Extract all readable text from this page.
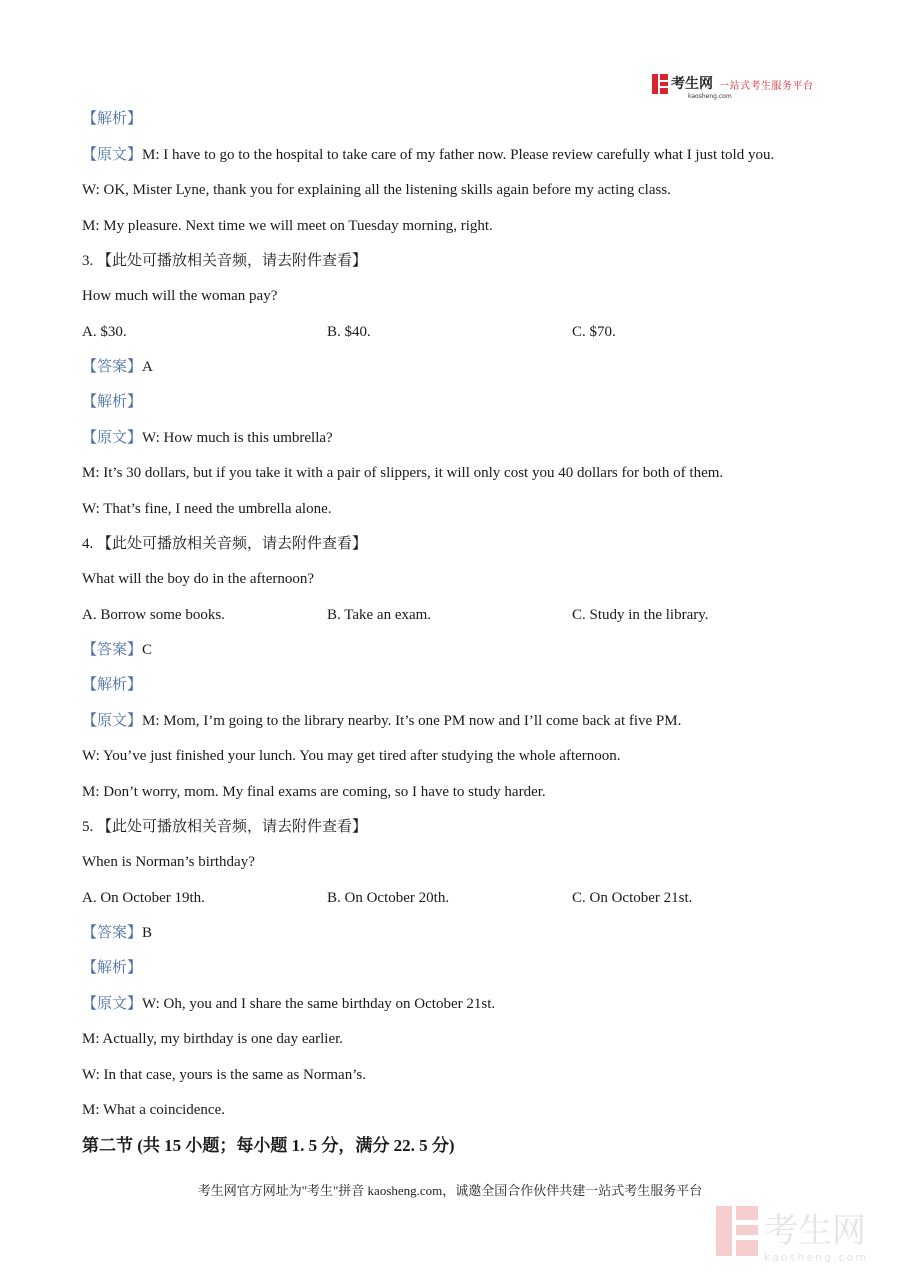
考生网
kaosheng.com
一站式考生服务平台
【解析】
【原文】M: I have to go to the hospital to take care of my father now. Please review carefully what I just told you.
W: OK, Mister Lyne, thank you for explaining all the listening skills again before my acting class.
M: My pleasure. Next time we will meet on Tuesday morning, right.
3. 【此处可播放相关音频，请去附件查看】
How much will the woman pay?
A. $30.	B. $40.	C. $70.
【答案】A
【解析】
【原文】W: How much is this umbrella?
M: It’s 30 dollars, but if you take it with a pair of slippers, it will only cost you 40 dollars for both of them.
W: That’s fine, I need the umbrella alone.
4. 【此处可播放相关音频，请去附件查看】
What will the boy do in the afternoon?
A. Borrow some books.	B. Take an exam.	C. Study in the library.
【答案】C
【解析】
【原文】M: Mom, I’m going to the library nearby. It’s one PM now and I’ll come back at five PM.
W: You’ve just finished your lunch. You may get tired after studying the whole afternoon.
M: Don’t worry, mom. My final exams are coming, so I have to study harder.
5. 【此处可播放相关音频，请去附件查看】
When is Norman’s birthday?
A. On October 19th.	B. On October 20th.	C. On October 21st.
【答案】B
【解析】
【原文】W: Oh, you and I share the same birthday on October 21st.
M: Actually, my birthday is one day earlier.
W: In that case, yours is the same as Norman’s.
M: What a coincidence.
第二节 (共 15 小题；每小题 1. 5 分，满分 22. 5 分)
考生网官方网址为"考生"拼音 kaosheng.com，诚邀全国合作伙伴共建一站式考生服务平台
考生网
kaosheng.com
